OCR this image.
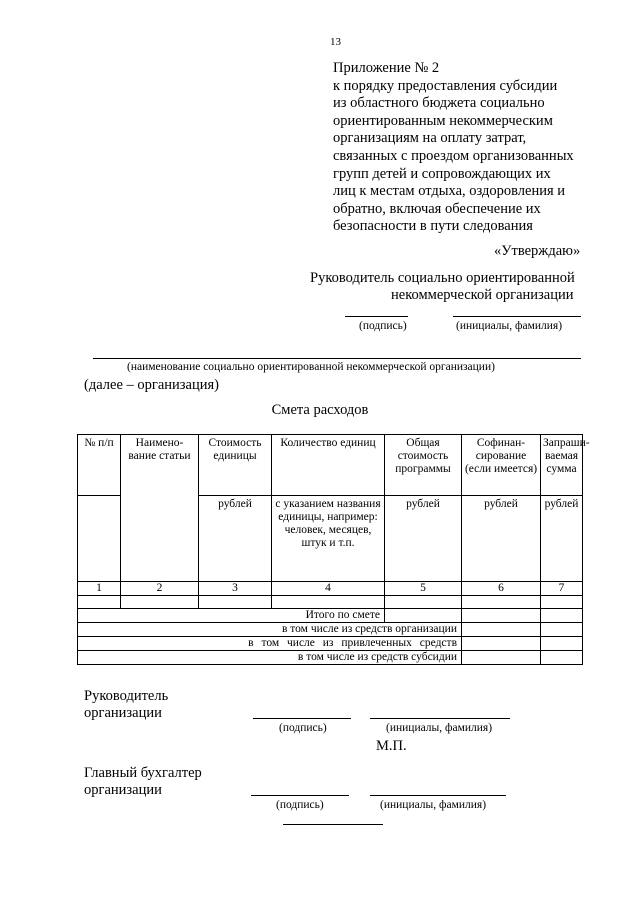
13
Приложение № 2
к порядку предоставления субсидии
из областного бюджета социально
ориентированным некоммерческим
организациям на оплату затрат,
связанных с проездом организованных
групп детей и сопровождающих их
лиц к местам отдыха, оздоровления и
обратно, включая обеспечение их
безопасности в пути следования
«Утверждаю»
Руководитель социально ориентированной
некоммерческой организации
(подпись)	(инициалы, фамилия)
(наименование социально ориентированной некоммерческой организации)
(далее – организация)
Смета расходов
№ п/п	Наимено-вание статьи	Стоимость единицы	Количество единиц	Общая стоимость программы	Софинан-сирование (если имеется)	Запраши-ваемая сумма
		рублей	с указанием названия единицы, например: человек, месяцев, штук и т.п.	рублей	рублей	рублей
1	2	3	4	5	6	7

Итого по смете						
в том числе из средств организации						
в том числе из привлеченных средств						
в том числе из средств субсидии						
Руководитель
организации
(подпись)	(инициалы, фамилия)
М.П.
Главный бухгалтер
организации
(подпись)	(инициалы, фамилия)
